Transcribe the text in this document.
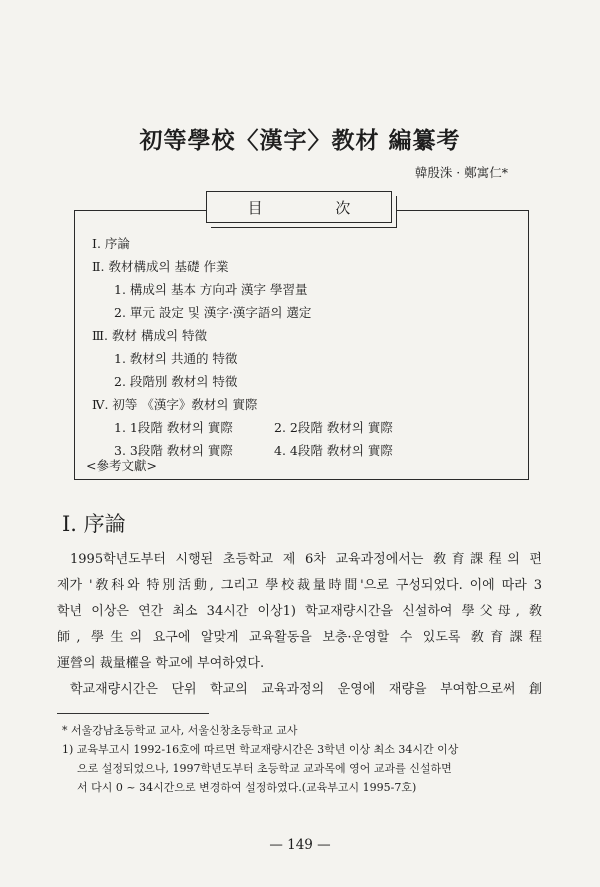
初等學校〈漢字〉教材 編纂考
韓殷洙 · 鄭寓仁*
目 次
Ⅰ. 序論
Ⅱ. 敎材構成의 基礎 作業
1. 構成의 基本 方向과 漢字 學習量
2. 單元 設定 및 漢字·漢字語의 選定
Ⅲ. 敎材 構成의 特徵
1. 敎材의 共通的 特徵
2. 段階別 敎材의 特徵
Ⅳ. 初等 《漢字》敎材의 實際
1. 1段階 敎材의 實際	2. 2段階 敎材의 實際
3. 3段階 敎材의 實際	4. 4段階 敎材의 實際
<參考文獻>
Ⅰ. 序論
1995학년도부터 시행된 초등학교 제 6차 교육과정에서는 敎育課程의 편
제가 '敎科와 特別活動, 그리고 學校裁量時間'으로 구성되었다. 이에 따라 3
학년 이상은 연간 최소 34시간 이상1) 학교재량시간을 신설하여 學父母, 敎
師, 學生의 요구에 알맞게 교육활동을 보충·운영할 수 있도록 敎育課程
運營의 裁量權을 학교에 부여하였다.
학교재량시간은 단위 학교의 교육과정의 운영에 재량을 부여함으로써 創
* 서울강남초등학교 교사, 서울신창초등학교 교사
1) 교육부고시 1992-16호에 따르면 학교재량시간은 3학년 이상 최소 34시간 이상
으로 설정되었으나, 1997학년도부터 초등학교 교과목에 영어 교과를 신설하면
서 다시 0 ~ 34시간으로 변경하여 설정하였다.(교육부고시 1995-7호)
— 149 —
